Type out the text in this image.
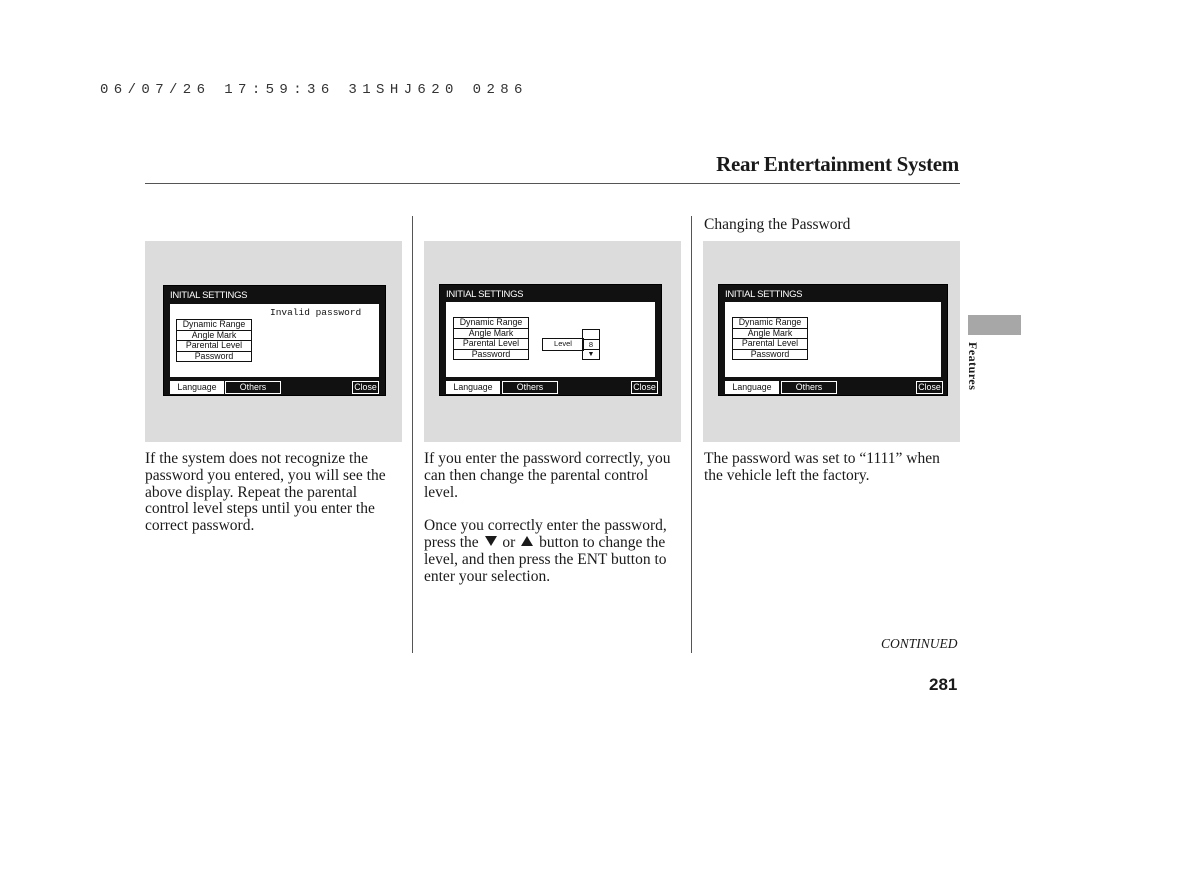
06/07/26 17:59:36 31SHJ620 0286
Rear Entertainment System
Features
Changing the Password
INITIAL SETTINGS
Invalid password
Dynamic Range
Angle Mark
Parental Level
Password
Language	Others	Close
INITIAL SETTINGS
Dynamic Range
Angle Mark
Parental Level
Password
Level	8
▼
Language	Others	Close
INITIAL SETTINGS
Dynamic Range
Angle Mark
Parental Level
Password
Language	Others	Close

If the system does not recognize the password you entered, you will see the above display. Repeat the parental control level steps until you enter the correct password.

If you enter the password correctly, you can then change the parental control level.

Once you correctly enter the password, press the or button to change the level, and then press the ENT button to enter your selection.

The password was set to “1111” when the vehicle left the factory.

CONTINUED
281
